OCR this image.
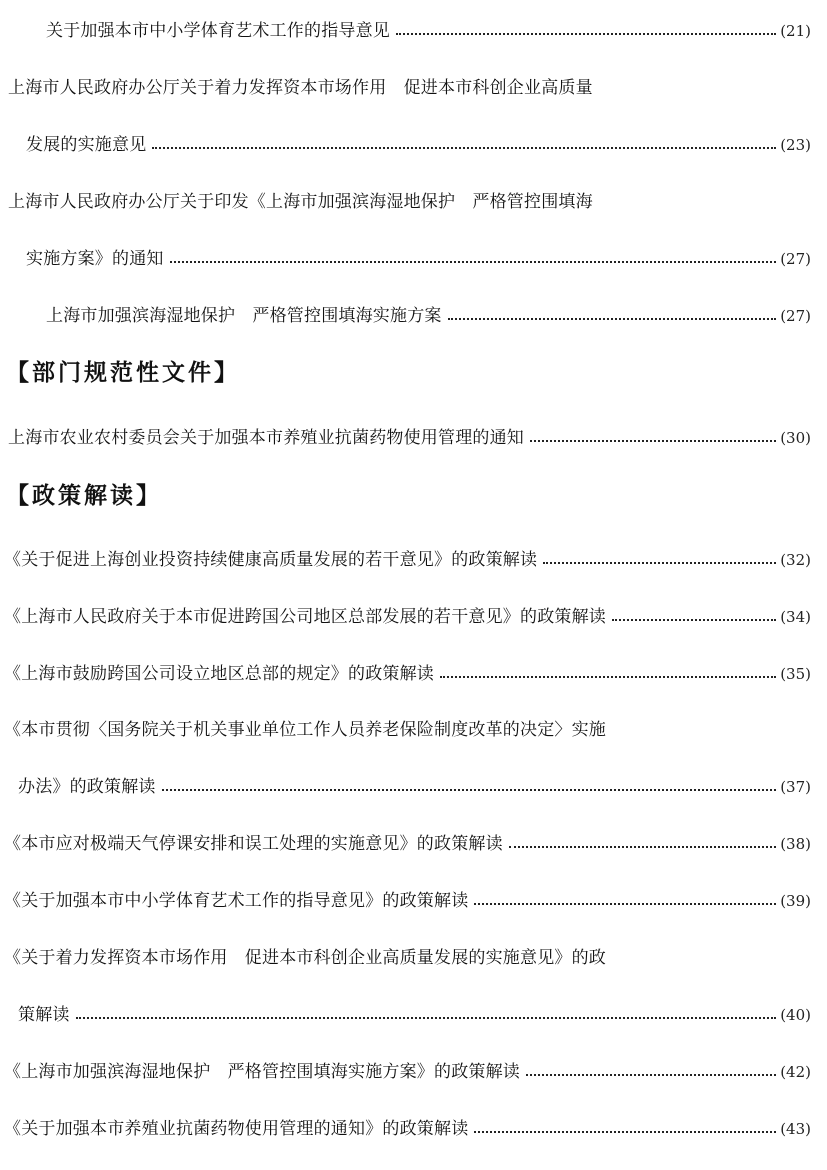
关于加强本市中小学体育艺术工作的指导意见	(21)
上海市人民政府办公厅关于着力发挥资本市场作用　促进本市科创企业高质量
发展的实施意见	(23)
上海市人民政府办公厅关于印发《上海市加强滨海湿地保护　严格管控围填海
实施方案》的通知	(27)
上海市加强滨海湿地保护　严格管控围填海实施方案	(27)
【部门规范性文件】
上海市农业农村委员会关于加强本市养殖业抗菌药物使用管理的通知	(30)
【政策解读】
《关于促进上海创业投资持续健康高质量发展的若干意见》的政策解读	(32)
《上海市人民政府关于本市促进跨国公司地区总部发展的若干意见》的政策解读	(34)
《上海市鼓励跨国公司设立地区总部的规定》的政策解读	(35)
《本市贯彻〈国务院关于机关事业单位工作人员养老保险制度改革的决定〉实施
办法》的政策解读	(37)
《本市应对极端天气停课安排和误工处理的实施意见》的政策解读	(38)
《关于加强本市中小学体育艺术工作的指导意见》的政策解读	(39)
《关于着力发挥资本市场作用　促进本市科创企业高质量发展的实施意见》的政
策解读	(40)
《上海市加强滨海湿地保护　严格管控围填海实施方案》的政策解读	(42)
《关于加强本市养殖业抗菌药物使用管理的通知》的政策解读	(43)
